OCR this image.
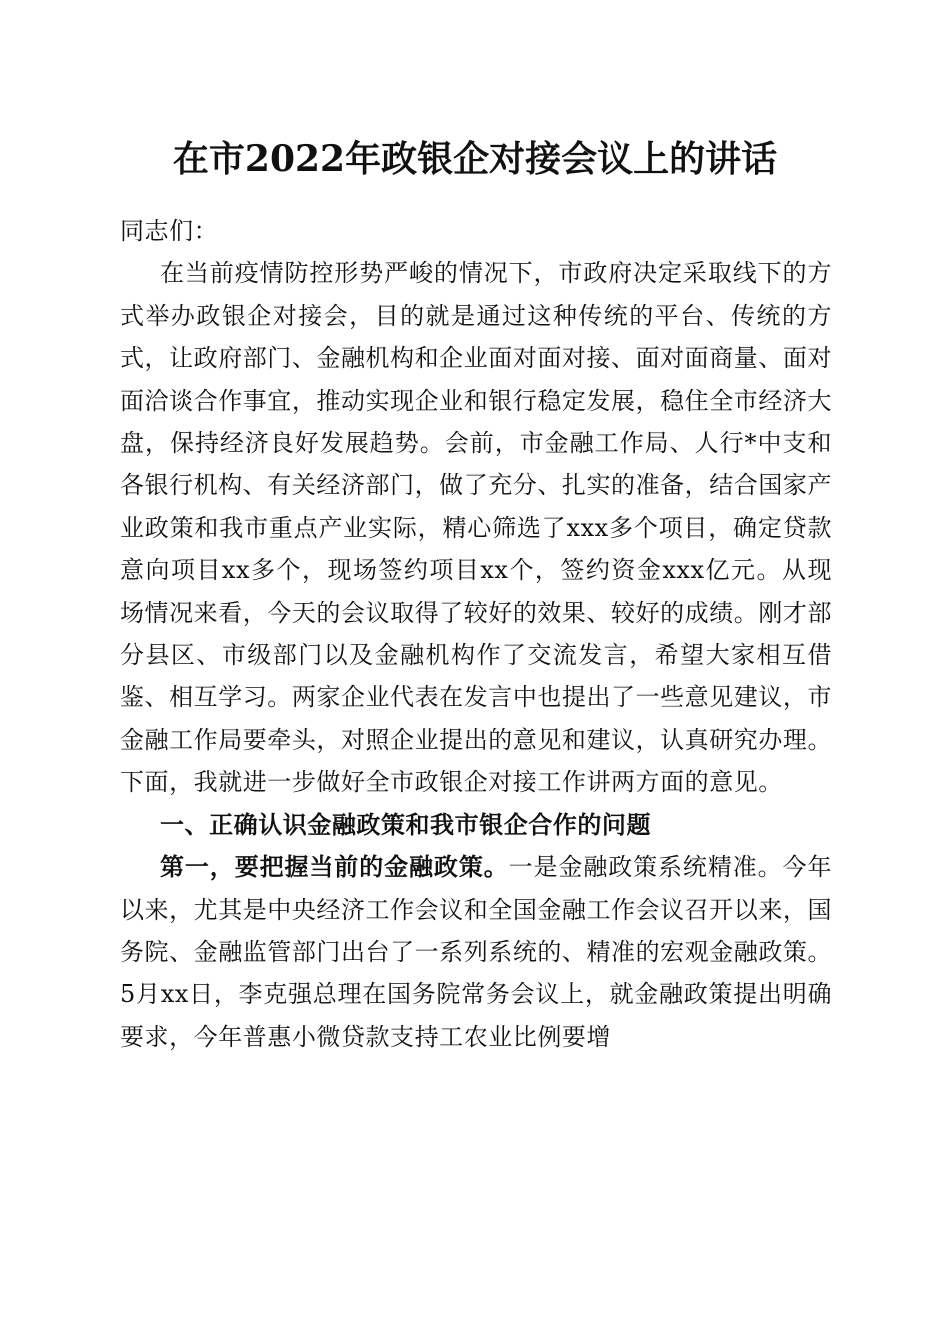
在市2022年政银企对接会议上的讲话

同志们：

在当前疫情防控形势严峻的情况下，市政府决定采取线下的方式举办政银企对接会，目的就是通过这种传统的平台、传统的方式，让政府部门、金融机构和企业面对面对接、面对面商量、面对面洽谈合作事宜，推动实现企业和银行稳定发展，稳住全市经济大盘，保持经济良好发展趋势。会前，市金融工作局、人行*中支和各银行机构、有关经济部门，做了充分、扎实的准备，结合国家产业政策和我市重点产业实际，精心筛选了xxx多个项目，确定贷款意向项目xx多个，现场签约项目xx个，签约资金xxx亿元。从现场情况来看，今天的会议取得了较好的效果、较好的成绩。刚才部分县区、市级部门以及金融机构作了交流发言，希望大家相互借鉴、相互学习。两家企业代表在发言中也提出了一些意见建议，市金融工作局要牵头，对照企业提出的意见和建议，认真研究办理。下面，我就进一步做好全市政银企对接工作讲两方面的意见。

一、正确认识金融政策和我市银企合作的问题

第一，要把握当前的金融政策。一是金融政策系统精准。今年以来，尤其是中央经济工作会议和全国金融工作会议召开以来，国务院、金融监管部门出台了一系列系统的、精准的宏观金融政策。5月xx日，李克强总理在国务院常务会议上，就金融政策提出明确要求，今年普惠小微贷款支持工农业比例要增
